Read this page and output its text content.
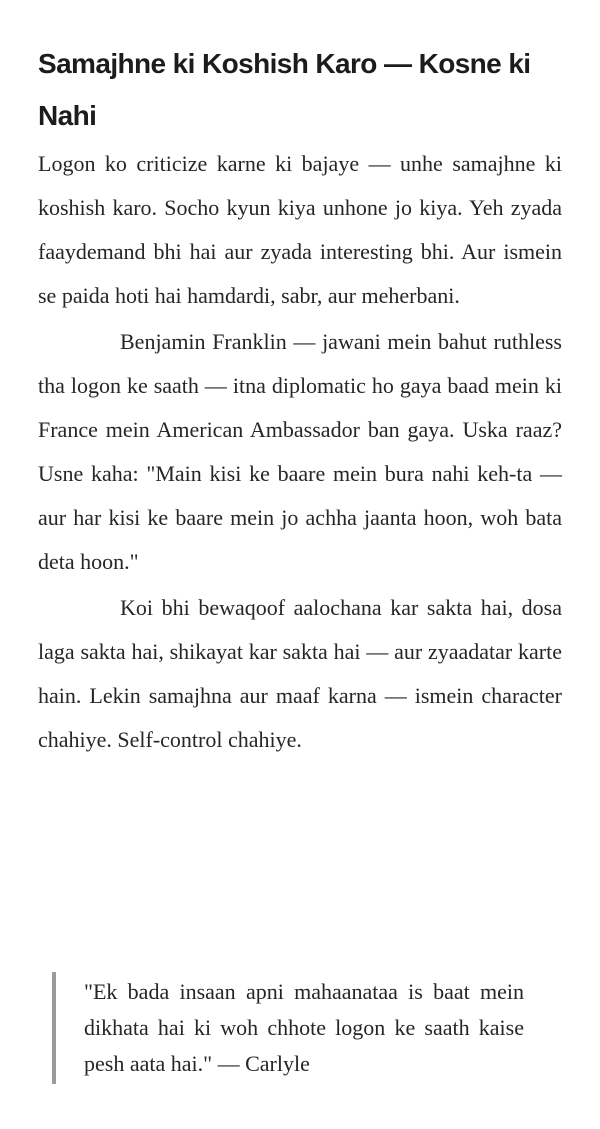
Samajhne ki Koshish Karo — Kosne ki Nahi

Logon ko criticize karne ki bajaye — unhe samajhne ki koshish karo. Socho kyun kiya unhone jo kiya. Yeh zyada faaydemand bhi hai aur zyada interesting bhi. Aur ismein se paida hoti hai hamdardi, sabr, aur meherbani.

Benjamin Franklin — jawani mein bahut ruthless tha logon ke saath — itna diplomatic ho gaya baad mein ki France mein American Ambassador ban gaya. Uska raaz? Usne kaha: "Main kisi ke baare mein bura nahi keh-ta — aur har kisi ke baare mein jo achha jaanta hoon, woh bata deta hoon."

Koi bhi bewaqoof aalochana kar sakta hai, dosa laga sakta hai, shikayat kar sakta hai — aur zyaadatar karte hain. Lekin samajhna aur maaf karna — ismein character chahiye. Self-control chahiye.

"Ek bada insaan apni mahaanataa is baat mein dikhata hai ki woh chhote logon ke saath kaise pesh aata hai." — Carlyle
